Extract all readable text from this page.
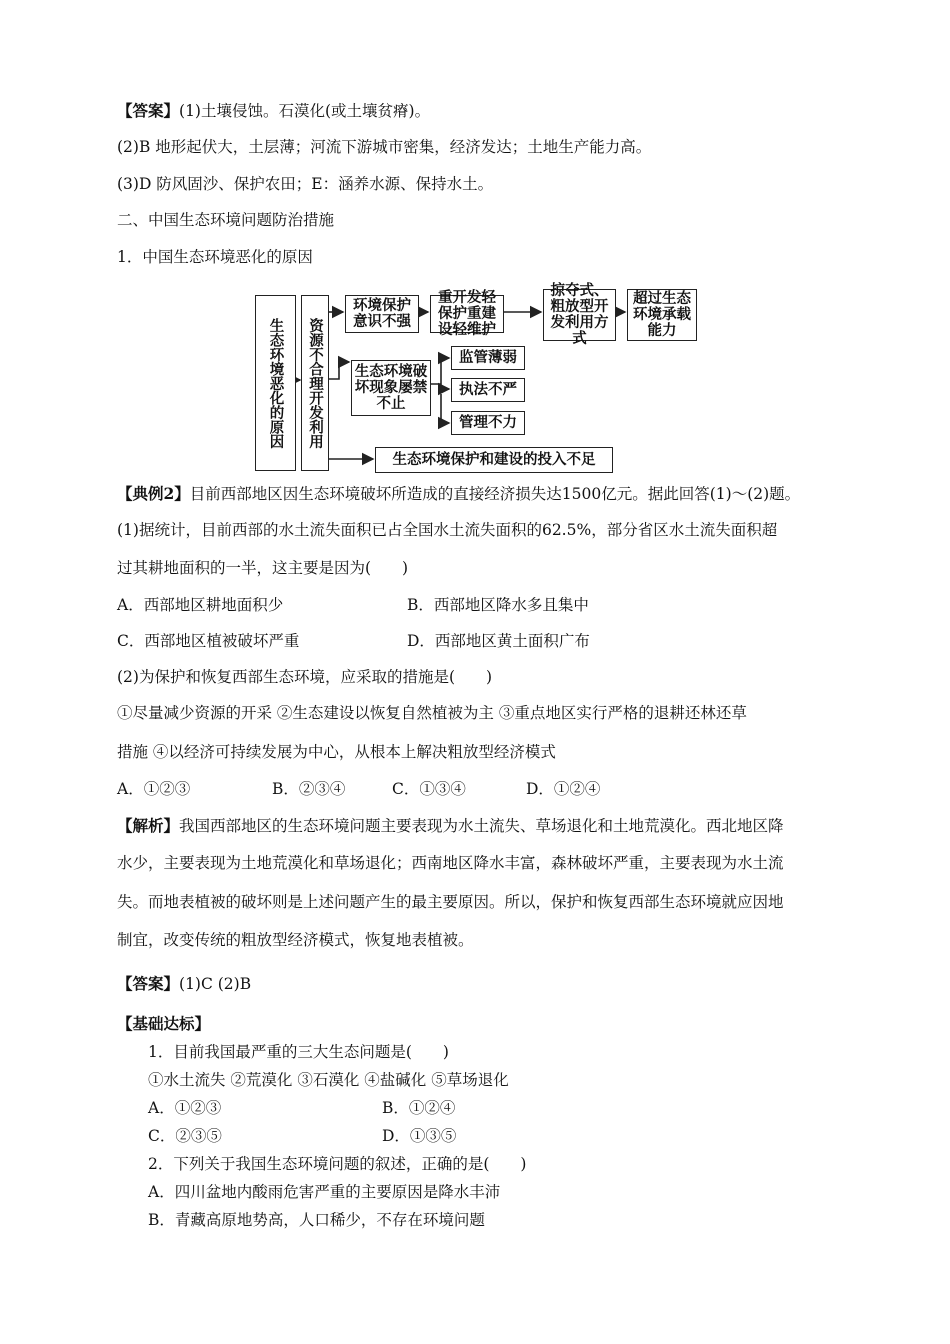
【答案】(1)土壤侵蚀。石漠化(或土壤贫瘠)。
(2)B 地形起伏大，土层薄；河流下游城市密集，经济发达；土地生产能力高。
(3)D 防风固沙、保护农田；E：涵养水源、保持水土。
二、中国生态环境问题防治措施
1．中国生态环境恶化的原因
生态环境恶化的原因	资源不合理开发利用
环境保护意识不强
重开发轻保护重建设轻维护
掠夺式、粗放型开发利用方式
超过生态环境承载能力
生态环境破坏现象屡禁不止
监管薄弱
执法不严
管理不力
生态环境保护和建设的投入不足
【典例2】目前西部地区因生态环境破坏所造成的直接经济损失达1500亿元。据此回答(1)～(2)题。
(1)据统计，目前西部的水土流失面积已占全国水土流失面积的62.5%，部分省区水土流失面积超
过其耕地面积的一半，这主要是因为(　　)
A．西部地区耕地面积少	B．西部地区降水多且集中
C．西部地区植被破坏严重	D．西部地区黄土面积广布
(2)为保护和恢复西部生态环境，应采取的措施是(　　)
①尽量减少资源的开采 ②生态建设以恢复自然植被为主 ③重点地区实行严格的退耕还林还草
措施 ④以经济可持续发展为中心，从根本上解决粗放型经济模式
A．①②③	B．②③④	C．①③④	D．①②④
【解析】我国西部地区的生态环境问题主要表现为水土流失、草场退化和土地荒漠化。西北地区降
水少，主要表现为土地荒漠化和草场退化；西南地区降水丰富，森林破坏严重，主要表现为水土流
失。而地表植被的破坏则是上述问题产生的最主要原因。所以，保护和恢复西部生态环境就应因地
制宜，改变传统的粗放型经济模式，恢复地表植被。
【答案】(1)C (2)B
【基础达标】
1．目前我国最严重的三大生态问题是(　　)
①水土流失 ②荒漠化 ③石漠化 ④盐碱化 ⑤草场退化
A．①②③	B．①②④
C．②③⑤	D．①③⑤
2．下列关于我国生态环境问题的叙述，正确的是(　　)
A．四川盆地内酸雨危害严重的主要原因是降水丰沛
B．青藏高原地势高，人口稀少，不存在环境问题
